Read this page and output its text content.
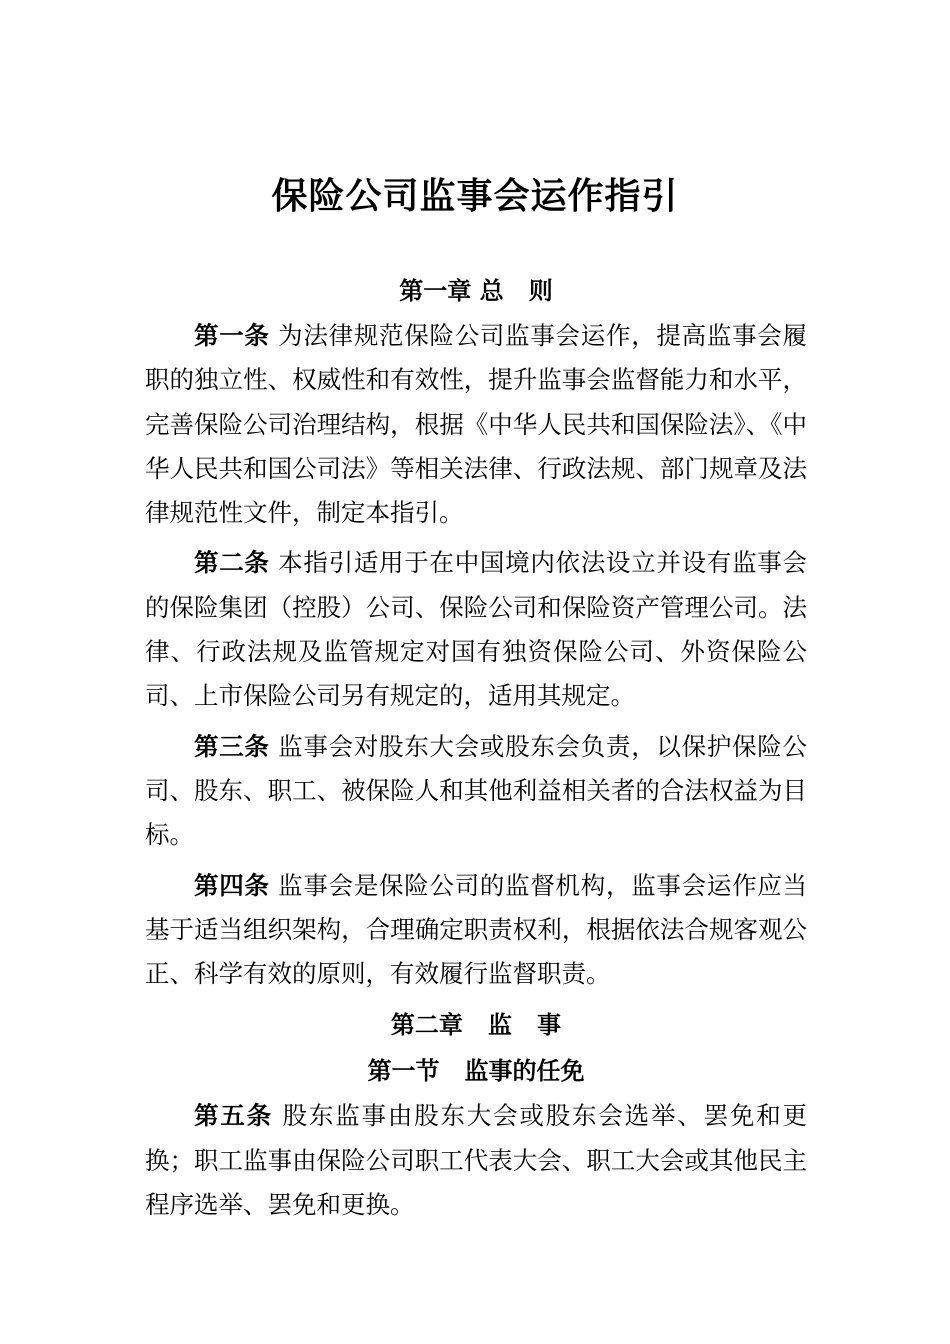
保险公司监事会运作指引
第一章 总   则

第一条 为法律规范保险公司监事会运作，提高监事会履职的独立性、权威性和有效性，提升监事会监督能力和水平，完善保险公司治理结构，根据《中华人民共和国保险法》、《中华人民共和国公司法》等相关法律、行政法规、部门规章及法律规范性文件，制定本指引。

第二条 本指引适用于在中国境内依法设立并设有监事会的保险集团（控股）公司、保险公司和保险资产管理公司。法律、行政法规及监管规定对国有独资保险公司、外资保险公司、上市保险公司另有规定的，适用其规定。

第三条 监事会对股东大会或股东会负责，以保护保险公司、股东、职工、被保险人和其他利益相关者的合法权益为目标。

第四条 监事会是保险公司的监督机构，监事会运作应当基于适当组织架构，合理确定职责权利，根据依法合规客观公正、科学有效的原则，有效履行监督职责。

第二章   监   事
第一节   监事的任免

第五条 股东监事由股东大会或股东会选举、罢免和更换；职工监事由保险公司职工代表大会、职工大会或其他民主程序选举、罢免和更换。
